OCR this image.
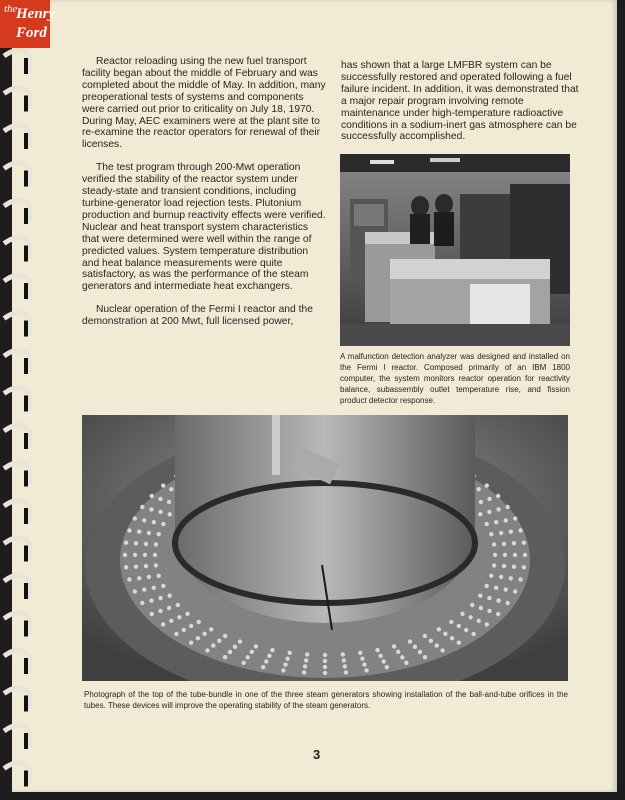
the
Henry
Ford

Reactor reloading using the new fuel transport facility began about the middle of February and was completed about the middle of May. In addition, many preoperational tests of systems and components were carried out prior to criticality on July 18, 1970. During May, AEC examiners were at the plant site to re-examine the reactor operators for renewal of their licenses.

The test program through 200-Mwt operation verified the stability of the reactor system under steady-state and transient conditions, including turbine-generator load rejection tests. Plutonium production and burnup reactivity effects were verified. Nuclear and heat transport system characteristics that were determined were well within the range of predicted values. System temperature distribution and heat balance measurements were quite satisfactory, as was the performance of the steam generators and intermediate heat exchangers.

Nuclear operation of the Fermi I reactor and the demonstration at 200 Mwt, full licensed power,

has shown that a large LMFBR system can be successfully restored and operated following a fuel failure incident. In addition, it was demonstrated that a major repair program involving remote maintenance under high-temperature radioactive conditions in a sodium-inert gas atmosphere can be successfully accomplished.

A malfunction detection analyzer was designed and installed on the Fermi I reactor. Composed primarily of an IBM 1800 computer, the system monitors reactor operation for reactivity balance, subassembly outlet temperature rise, and fission product detector response.
Photograph of the top of the tube-bundle in one of the three steam generators showing installation of the ball-and-tube orifices in the tubes. These devices will improve the operating stability of the steam generators.
3
